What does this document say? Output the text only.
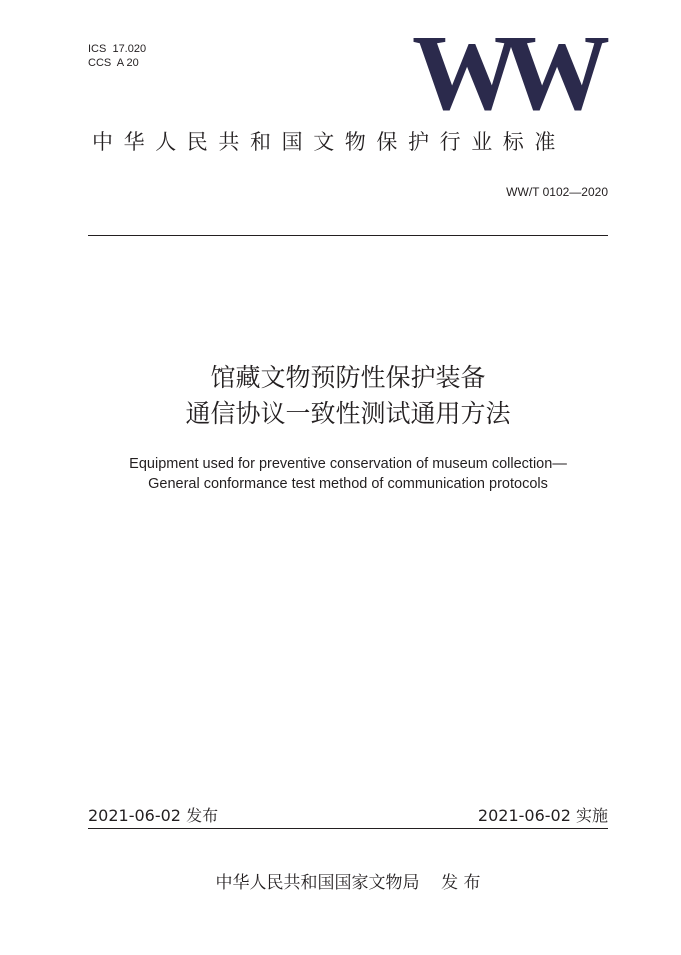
ICS  17.020
CCS  A 20	WW
中华人民共和国文物保护行业标准
WW/T 0102—2020
馆藏文物预防性保护装备
通信协议一致性测试通用方法
Equipment used for preventive conservation of museum collection—
General conformance test method of communication protocols
2021-06-02 发布	2021-06-02 实施
中华人民共和国国家文物局    发 布
